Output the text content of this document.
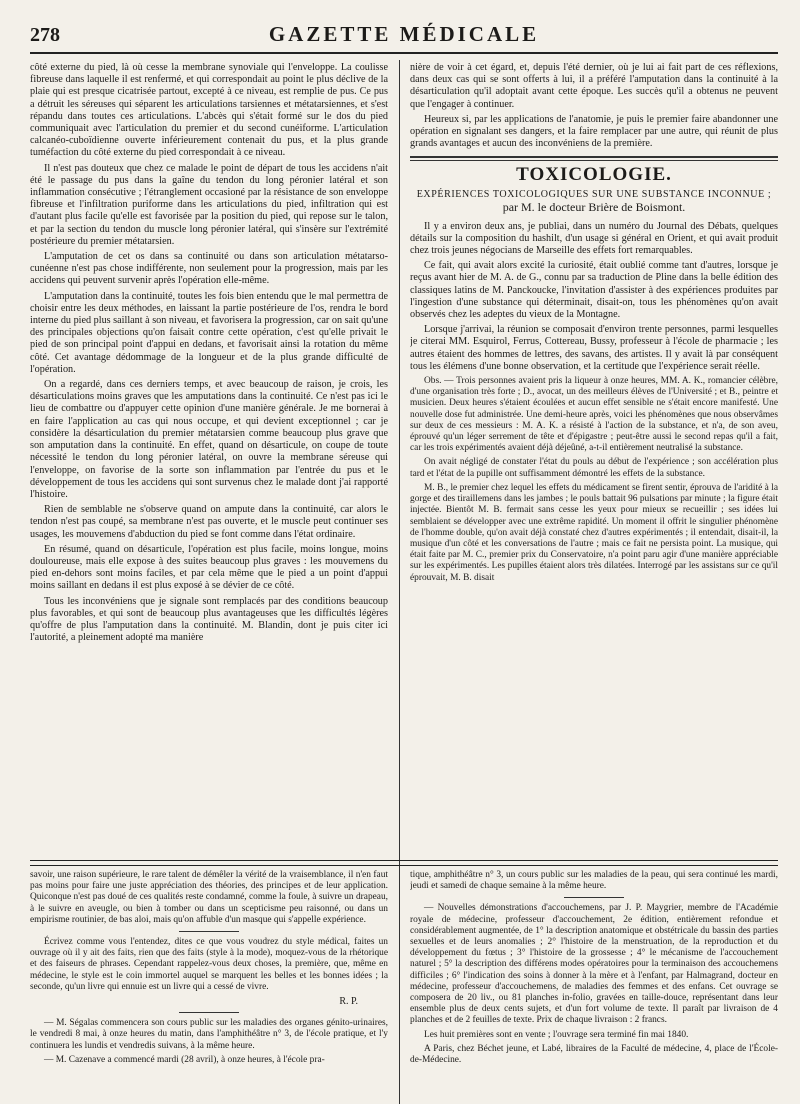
278	GAZETTE MÉDICALE

côté externe du pied, là où cesse la membrane synoviale qui l'enveloppe. La coulisse fibreuse dans laquelle il est renfermé, et qui correspondait au point le plus déclive de la plaie qui est presque cicatrisée partout, excepté à ce niveau, est remplie de pus. Ce pus a détruit les séreuses qui séparent les articulations tarsiennes et métatarsiennes, et s'est répandu dans toutes ces articulations. L'abcès qui s'était formé sur le dos du pied communiquait avec l'articulation du premier et du second cunéiforme. L'articulation calcanéo-cuboïdienne ouverte inférieurement contenait du pus, et la plus grande tuméfaction du côté externe du pied correspondait à ce niveau.

Il n'est pas douteux que chez ce malade le point de départ de tous les accidens n'ait été le passage du pus dans la gaîne du tendon du long péronier latéral et son inflammation consécutive ; l'étranglement occasioné par la résistance de son enveloppe fibreuse et l'infiltration puriforme dans les articulations du pied, infiltration qui est d'autant plus facile qu'elle est favorisée par la position du pied, qui repose sur le talon, et par la section du tendon du muscle long péronier latéral, qui s'insère sur l'extrémité postérieure du premier métatarsien.

L'amputation de cet os dans sa continuité ou dans son articulation métatarso-cunéenne n'est pas chose indifférente, non seulement pour la progression, mais par les accidens qui peuvent survenir après l'opération elle-même.

L'amputation dans la continuité, toutes les fois bien entendu que le mal permettra de choisir entre les deux méthodes, en laissant la partie postérieure de l'os, rendra le bord interne du pied plus saillant à son niveau, et favorisera la progression, car on sait qu'une des principales objections qu'on faisait contre cette opération, c'est qu'elle privait le pied de son principal point d'appui en dedans, et favorisait ainsi la rotation du même côté. Cet avantage dédommage de la longueur et de la plus grande difficulté de l'opération.

On a regardé, dans ces derniers temps, et avec beaucoup de raison, je crois, les désarticulations moins graves que les amputations dans la continuité. Ce n'est pas ici le lieu de combattre ou d'appuyer cette opinion d'une manière générale. Je me bornerai à en faire l'application au cas qui nous occupe, et qui devient exceptionnel ; car je considère la désarticulation du premier métatarsien comme beaucoup plus grave que son amputation dans la continuité. En effet, quand on désarticule, on coupe de toute nécessité le tendon du long péronier latéral, on ouvre la membrane séreuse qui l'enveloppe, on favorise de la sorte son inflammation par l'entrée du pus et le développement de tous les accidens qui sont survenus chez le malade dont j'ai rapporté l'histoire.

Rien de semblable ne s'observe quand on ampute dans la continuité, car alors le tendon n'est pas coupé, sa membrane n'est pas ouverte, et le muscle peut continuer ses usages, les mouvemens d'abduction du pied se font comme dans l'état ordinaire.

En résumé, quand on désarticule, l'opération est plus facile, moins longue, moins douloureuse, mais elle expose à des suites beaucoup plus graves : les mouvemens du pied en-dehors sont moins faciles, et par cela même que le pied a un point d'appui moins saillant en dedans il est plus exposé à se dévier de ce côté.

Tous les inconvéniens que je signale sont remplacés par des conditions beaucoup plus favorables, et qui sont de beaucoup plus avantageuses que les difficultés légères qu'offre de plus l'amputation dans la continuité. M. Blandin, dont je puis citer ici l'autorité, a pleinement adopté ma manière

nière de voir à cet égard, et, depuis l'été dernier, où je lui ai fait part de ces réflexions, dans deux cas qui se sont offerts à lui, il a préféré l'amputation dans la continuité à la désarticulation qu'il adoptait avant cette époque. Les succès qu'il a obtenus ne peuvent que l'engager à continuer.

Heureux si, par les applications de l'anatomie, je puis le premier faire abandonner une opération en signalant ses dangers, et la faire remplacer par une autre, qui réunit de plus grands avantages et aucun des inconvéniens de la première.

TOXICOLOGIE.
EXPÉRIENCES TOXICOLOGIQUES SUR UNE SUBSTANCE INCONNUE ; par M. le docteur Brière de Boismont.

Il y a environ deux ans, je publiai, dans un numéro du Journal des Débats, quelques détails sur la composition du hashilt, d'un usage si général en Orient, et qui avait produit chez trois jeunes négocians de Marseille des effets fort remarquables.

Ce fait, qui avait alors excité la curiosité, était oublié comme tant d'autres, lorsque je reçus avant hier de M. A. de G., connu par sa traduction de Pline dans la belle édition des classiques latins de M. Panckoucke, l'invitation d'assister à des expériences produites par l'ingestion d'une substance qui déterminait, disait-on, tous les phénomènes qu'on avait observés chez les adeptes du vieux de la Montagne.

Lorsque j'arrivai, la réunion se composait d'environ trente personnes, parmi lesquelles je citerai MM. Esquirol, Ferrus, Cottereau, Bussy, professeur à l'école de pharmacie ; les autres étaient des hommes de lettres, des savans, des artistes. Il y avait là par conséquent tous les élémens d'une bonne observation, et la certitude que l'expérience serait réelle.

Obs. — Trois personnes avaient pris la liqueur à onze heures, MM. A. K., romancier célèbre, d'une organisation très forte ; D., avocat, un des meilleurs élèves de l'Université ; et B., peintre et musicien. Deux heures s'étaient écoulées et aucun effet sensible ne s'était encore manifesté. Une nouvelle dose fut administrée. Une demi-heure après, voici les phénomènes que nous observâmes sur deux de ces messieurs : M. A. K. a résisté à l'action de la substance, et n'a, de son aveu, éprouvé qu'un léger serrement de tête et d'épigastre ; peut-être aussi le second repas qu'il a fait, car les trois expérimentés avaient déjà déjeûné, a-t-il entièrement neutralisé la substance.

On avait négligé de constater l'état du pouls au début de l'expérience ; son accélération plus tard et l'état de la pupille ont suffisamment démontré les effets de la substance.

M. B., le premier chez lequel les effets du médicament se firent sentir, éprouva de l'aridité à la gorge et des tiraillemens dans les jambes ; le pouls battait 96 pulsations par minute ; la figure était injectée. Bientôt M. B. fermait sans cesse les yeux pour mieux se recueillir ; ses idées lui semblaient se développer avec une extrême rapidité. Un moment il offrit le singulier phénomène de l'homme double, qu'on avait déjà constaté chez d'autres expérimentés ; il entendait, disait-il, la musique d'un côté et les conversations de l'autre ; mais ce fait ne persista point. La musique, qui était faite par M. C., premier prix du Conservatoire, n'a point paru agir d'une manière appréciable sur les expérimentés. Les pupilles étaient alors très dilatées. Interrogé par les assistans sur ce qu'il éprouvait, M. B. disait

savoir, une raison supérieure, le rare talent de démêler la vérité de la vraisemblance, il n'en faut pas moins pour faire une juste appréciation des théories, des principes et de leur application. Quiconque n'est pas doué de ces qualités reste condamné, comme la foule, à suivre un drapeau, à le suivre en aveugle, ou bien à tomber ou dans un scepticisme peu raisonné, ou dans un empirisme routinier, de bas aloi, mais qu'on affuble d'un masque qui s'appelle expérience.

Écrivez comme vous l'entendez, dites ce que vous voudrez du style médical, faites un ouvrage où il y ait des faits, rien que des faits (style à la mode), moquez-vous de la rhétorique et des faiseurs de phrases. Cependant rappelez-vous deux choses, la première, que, même en médecine, le style est le coin immortel auquel se marquent les belles et les bonnes idées ; la seconde, qu'un livre qui ennuie est un livre qui a cessé de vivre.

R. P.

— M. Ségalas commencera son cours public sur les maladies des organes génito-urinaires, le vendredi 8 mai, à onze heures du matin, dans l'amphithéâtre n° 3, de l'école pratique, et l'y continuera les lundis et vendredis suivans, à la même heure.

— M. Cazenave a commencé mardi (28 avril), à onze heures, à l'école pra-

tique, amphithéâtre n° 3, un cours public sur les maladies de la peau, qui sera continué les mardi, jeudi et samedi de chaque semaine à la même heure.

— Nouvelles démonstrations d'accouchemens, par J. P. Maygrier, membre de l'Académie royale de médecine, professeur d'accouchement, 2e édition, entièrement refondue et considérablement augmentée, de 1° la description anatomique et obstétricale du bassin des parties sexuelles et de leurs anomalies ; 2° l'histoire de la menstruation, de la reproduction et du développement du fœtus ; 3° l'histoire de la grossesse ; 4° le mécanisme de l'accouchement naturel ; 5° la description des différens modes opératoires pour la terminaison des accouchemens difficiles ; 6° l'indication des soins à donner à la mère et à l'enfant, par Halmagrand, docteur en médecine, professeur d'accouchemens, de maladies des femmes et des enfans. Cet ouvrage se composera de 20 liv., ou 81 planches in-folio, gravées en taille-douce, représentant dans leur ensemble plus de deux cents sujets, et d'un fort volume de texte. Il paraît par livraison de 4 planches et de 2 feuilles de texte. Prix de chaque livraison : 2 francs.

Les huit premières sont en vente ; l'ouvrage sera terminé fin mai 1840.

A Paris, chez Béchet jeune, et Labé, libraires de la Faculté de médecine, 4, place de l'École-de-Médecine.
